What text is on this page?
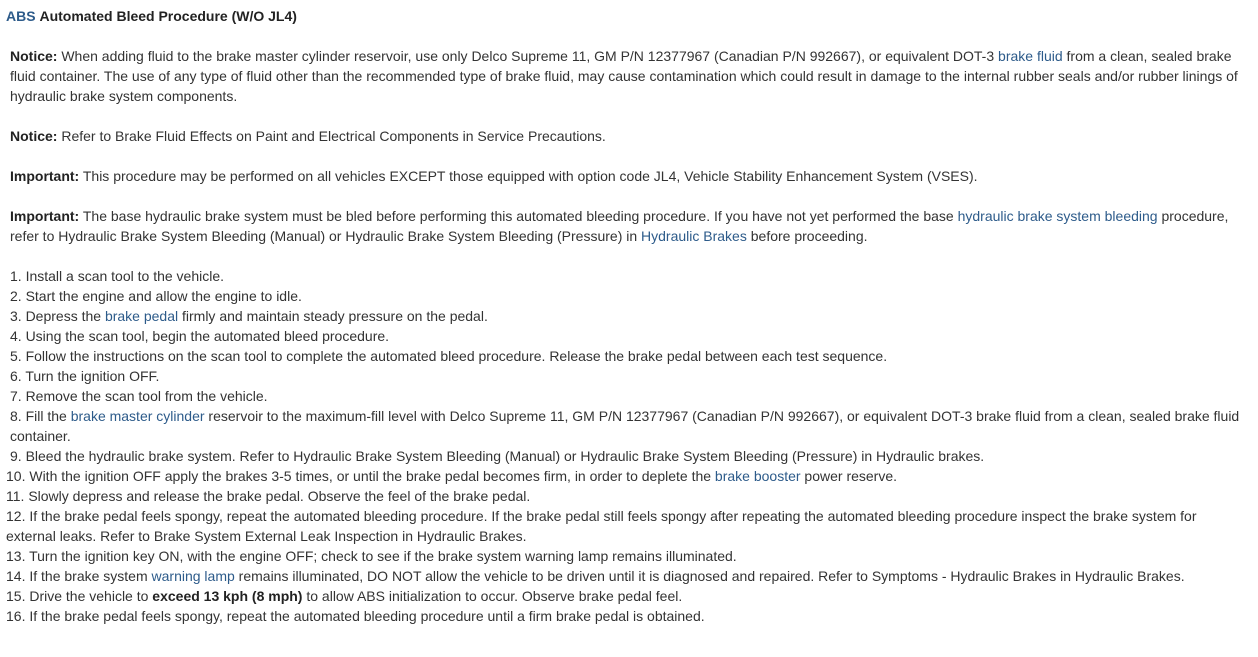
ABS Automated Bleed Procedure (W/O JL4)

Notice: When adding fluid to the brake master cylinder reservoir, use only Delco Supreme 11, GM P/N 12377967 (Canadian P/N 992667), or equivalent DOT-3 brake fluid from a clean, sealed brake fluid container. The use of any type of fluid other than the recommended type of brake fluid, may cause contamination which could result in damage to the internal rubber seals and/or rubber linings of hydraulic brake system components.

Notice: Refer to Brake Fluid Effects on Paint and Electrical Components in Service Precautions.

Important: This procedure may be performed on all vehicles EXCEPT those equipped with option code JL4, Vehicle Stability Enhancement System (VSES).

Important: The base hydraulic brake system must be bled before performing this automated bleeding procedure. If you have not yet performed the base hydraulic brake system bleeding procedure, refer to Hydraulic Brake System Bleeding (Manual) or Hydraulic Brake System Bleeding (Pressure) in Hydraulic Brakes before proceeding.

1. Install a scan tool to the vehicle.

2. Start the engine and allow the engine to idle.

3. Depress the brake pedal firmly and maintain steady pressure on the pedal.

4. Using the scan tool, begin the automated bleed procedure.

5. Follow the instructions on the scan tool to complete the automated bleed procedure. Release the brake pedal between each test sequence.

6. Turn the ignition OFF.

7. Remove the scan tool from the vehicle.

8. Fill the brake master cylinder reservoir to the maximum-fill level with Delco Supreme 11, GM P/N 12377967 (Canadian P/N 992667), or equivalent DOT-3 brake fluid from a clean, sealed brake fluid container.

9. Bleed the hydraulic brake system. Refer to Hydraulic Brake System Bleeding (Manual) or Hydraulic Brake System Bleeding (Pressure) in Hydraulic brakes.

10. With the ignition OFF apply the brakes 3-5 times, or until the brake pedal becomes firm, in order to deplete the brake booster power reserve.

11. Slowly depress and release the brake pedal. Observe the feel of the brake pedal.

12. If the brake pedal feels spongy, repeat the automated bleeding procedure. If the brake pedal still feels spongy after repeating the automated bleeding procedure inspect the brake system for external leaks. Refer to Brake System External Leak Inspection in Hydraulic Brakes.

13. Turn the ignition key ON, with the engine OFF; check to see if the brake system warning lamp remains illuminated.

14. If the brake system warning lamp remains illuminated, DO NOT allow the vehicle to be driven until it is diagnosed and repaired. Refer to Symptoms - Hydraulic Brakes in Hydraulic Brakes.

15. Drive the vehicle to exceed 13 kph (8 mph) to allow ABS initialization to occur. Observe brake pedal feel.

16. If the brake pedal feels spongy, repeat the automated bleeding procedure until a firm brake pedal is obtained.
